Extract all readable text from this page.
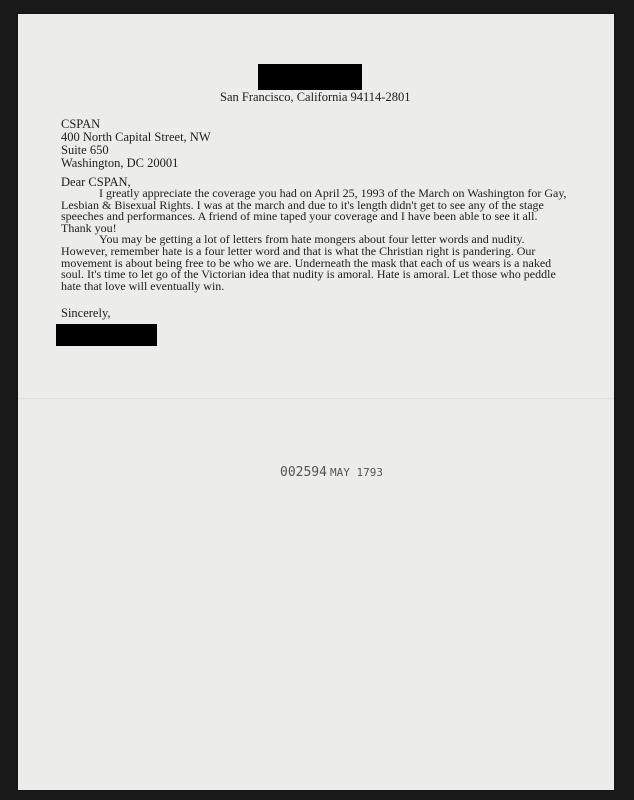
San Francisco, California 94114-2801
CSPAN
400 North Capital Street, NW
Suite 650
Washington, DC 20001
Dear CSPAN,
I greatly appreciate the coverage you had on April 25, 1993 of the March on Washington for Gay,
Lesbian & Bisexual Rights. I was at the march and due to it's length didn't get to see any of the stage
speeches and performances. A friend of mine taped your coverage and I have been able to see it all.
Thank you!
You may be getting a lot of letters from hate mongers about four letter words and nudity.
However, remember hate is a four letter word and that is what the Christian right is pandering. Our
movement is about being free to be who we are. Underneath the mask that each of us wears is a naked
soul. It's time to let go of the Victorian idea that nudity is amoral. Hate is amoral. Let those who peddle
hate that love will eventually win.
Sincerely,
002594 MAY 1793
